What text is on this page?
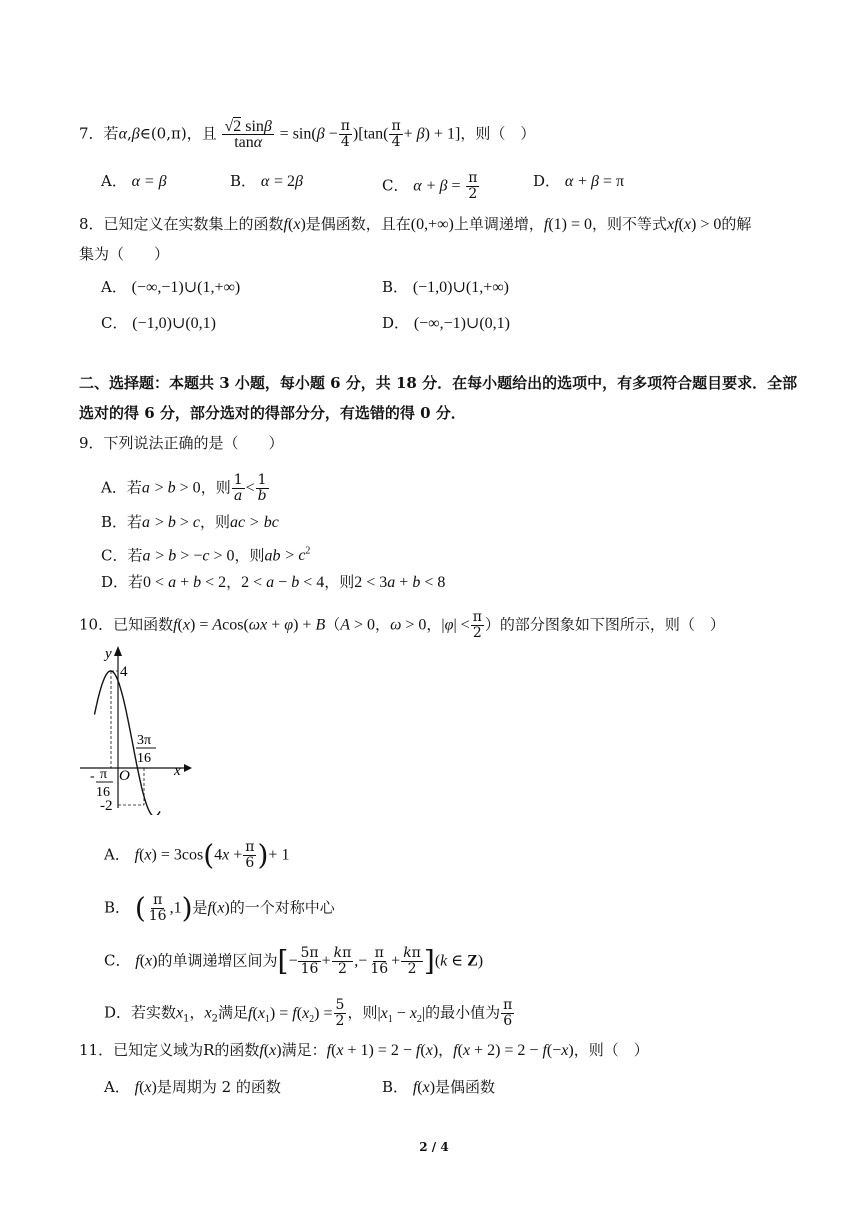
7．若α,β∈(0,π)，且 $\frac{√2 \sin\beta}{\tan\alpha} = \sin(\beta - \frac{\pi}{4} )[\tan( \frac{\pi}{4} + \beta) + 1]$，则（　）
A． α = β	B． α = 2β	C． $\alpha + \beta = \frac{\pi}{2}$	D． α + β = π
8．已知定义在实数集上的函数f(x)是偶函数，且在(0,+∞)上单调递增，f(1) = 0，则不等式xf(x) > 0的解
集为（　　）
A． (−∞,−1)∪(1,+∞)	B． (−1,0)∪(1,+∞)
C． (−1,0)∪(0,1)	D． (−∞,−1)∪(0,1)
二、选择题：本题共 3 小题，每小题 6 分，共 18 分．在每小题给出的选项中，有多项符合题目要求．全部
选对的得 6 分，部分选对的得部分分，有选错的得 0 分．
9．下列说法正确的是（　　）
A．若a > b > 0，则 $\frac{1}{a} < \frac{1}{b}$
B．若a > b > c，则ac > bc
C．若a > b > −c > 0，则ab > $c^2$
D．若0 < a + b < 2，2 < a − b < 4，则2 < 3a + b < 8
10．已知函数f(x) = Acos(ωx + φ) + B（A > 0，ω > 0，$|\varphi| < \frac{\pi}{2}$ ）的部分图象如下图所示，则（　）
y
x
O
4
-2
3π
16
- π
16
A． $f(x) = 3\cos(4x + \frac{\pi}{6}$ )+ 1
B． ( $\frac{\pi}{16} ,1$)是f(x)的一个对称中心
C． f(x)的单调递增区间为[− $\frac{5\pi}{16} + \frac{k\pi}{2}$ ,− $\frac{\pi}{16} + \frac{k\pi}{2} ](k$ ∈ Z)
D．若实数$x_1$，$x_2$满足$f(x_1) = f(x_2) = \frac{5}{2}$ ，则$|x_1 - x_2|$的最小值为 $\frac{\pi}{6}$
11．已知定义域为R的函数f(x)满足：f(x + 1) = 2 − f(x)，f(x + 2) = 2 − f(−x)，则（　）
A． f(x)是周期为 2 的函数	B． f(x)是偶函数
2 / 4
